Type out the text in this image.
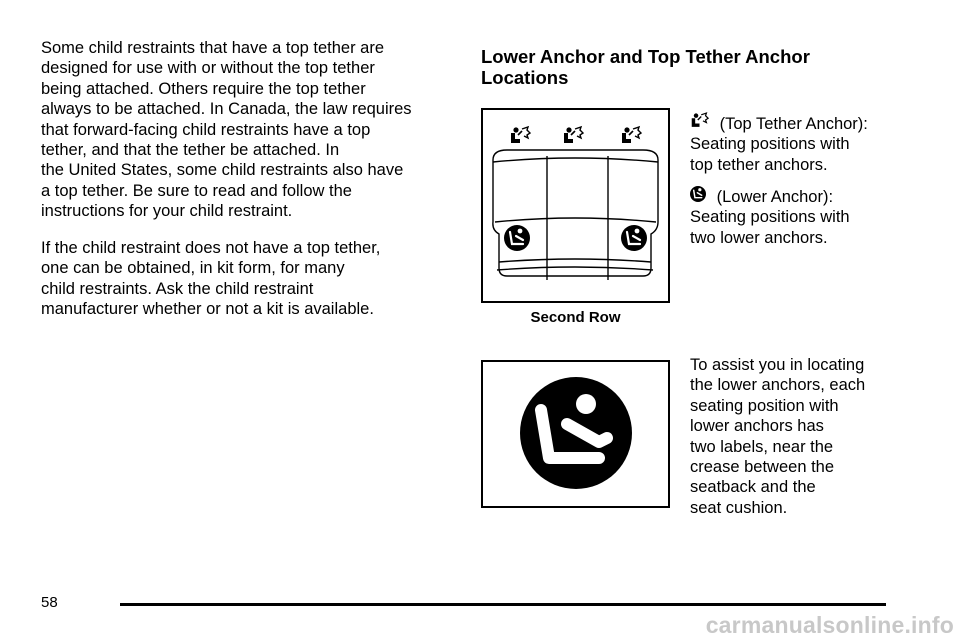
Some child restraints that have a top tether are
designed for use with or without the top tether
being attached. Others require the top tether
always to be attached. In Canada, the law requires
that forward-facing child restraints have a top
tether, and that the tether be attached. In
the United States, some child restraints also have
a top tether. Be sure to read and follow the
instructions for your child restraint.

If the child restraint does not have a top tether,
one can be obtained, in kit form, for many
child restraints. Ask the child restraint
manufacturer whether or not a kit is available.

Lower Anchor and Top Tether Anchor
Locations
Second Row
(Top Tether Anchor):
Seating positions with
top tether anchors.
(Lower Anchor):
Seating positions with
two lower anchors.
To assist you in locating
the lower anchors, each
seating position with
lower anchors has
two labels, near the
crease between the
seatback and the
seat cushion.
58
carmanualsonline.info
